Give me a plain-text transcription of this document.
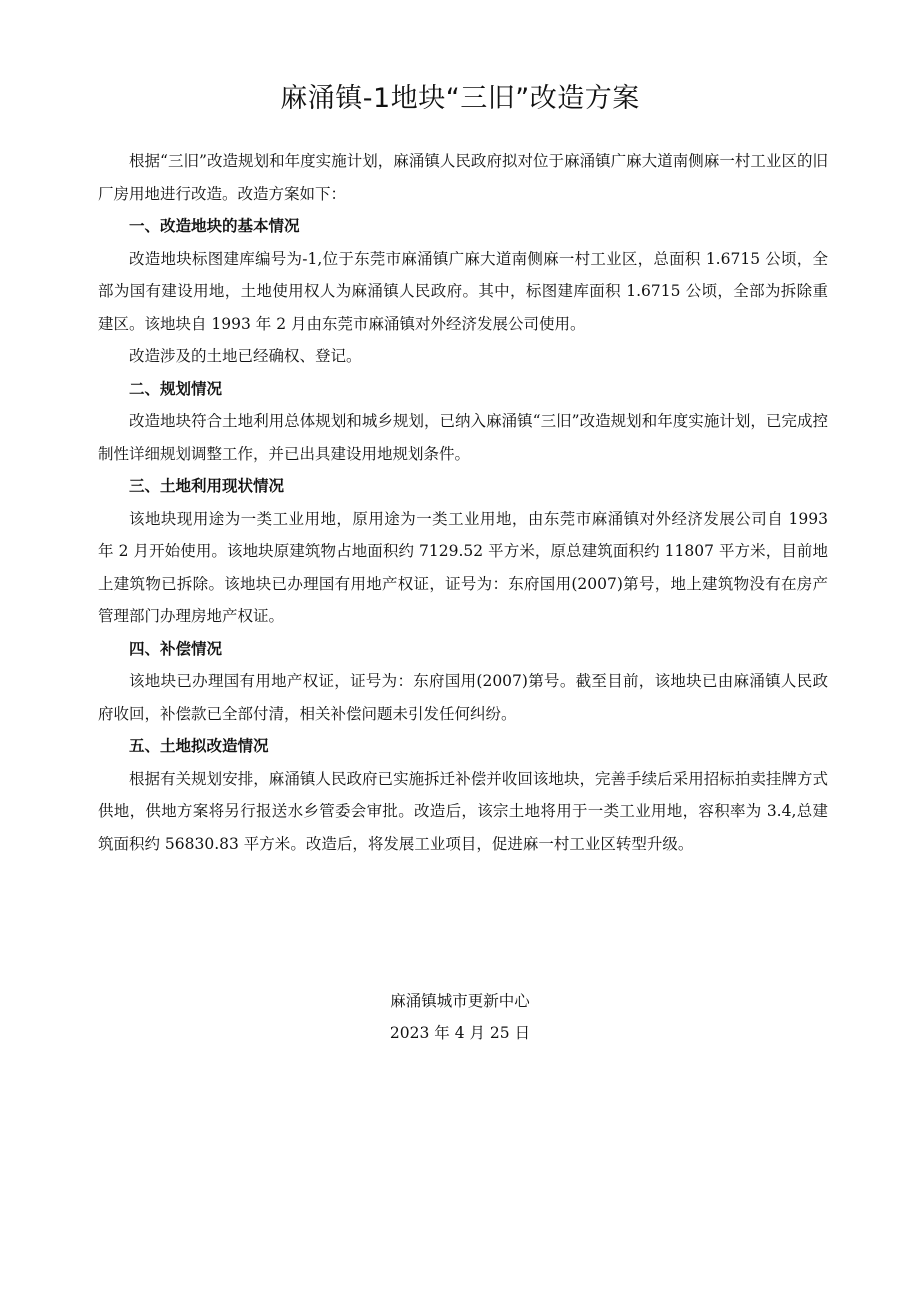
麻涌镇-1地块“三旧”改造方案

根据“三旧”改造规划和年度实施计划，麻涌镇人民政府拟对位于麻涌镇广麻大道南侧麻一村工业区的旧厂房用地进行改造。改造方案如下：

一、改造地块的基本情况

改造地块标图建库编号为-1,位于东莞市麻涌镇广麻大道南侧麻一村工业区，总面积 1.6715 公顷，全部为国有建设用地，土地使用权人为麻涌镇人民政府。其中，标图建库面积 1.6715 公顷，全部为拆除重建区。该地块自 1993 年 2 月由东莞市麻涌镇对外经济发展公司使用。

改造涉及的土地已经确权、登记。

二、规划情况

改造地块符合土地利用总体规划和城乡规划，已纳入麻涌镇“三旧”改造规划和年度实施计划，已完成控制性详细规划调整工作，并已出具建设用地规划条件。

三、土地利用现状情况

该地块现用途为一类工业用地，原用途为一类工业用地，由东莞市麻涌镇对外经济发展公司自 1993 年 2 月开始使用。该地块原建筑物占地面积约 7129.52 平方米，原总建筑面积约 11807 平方米，目前地上建筑物已拆除。该地块已办理国有用地产权证，证号为：东府国用(2007)第号，地上建筑物没有在房产管理部门办理房地产权证。

四、补偿情况

该地块已办理国有用地产权证，证号为：东府国用(2007)第号。截至目前，该地块已由麻涌镇人民政府收回，补偿款已全部付清，相关补偿问题未引发任何纠纷。

五、土地拟改造情况

根据有关规划安排，麻涌镇人民政府已实施拆迁补偿并收回该地块，完善手续后采用招标拍卖挂牌方式供地，供地方案将另行报送水乡管委会审批。改造后，该宗土地将用于一类工业用地，容积率为 3.4,总建筑面积约 56830.83 平方米。改造后，将发展工业项目，促进麻一村工业区转型升级。

麻涌镇城市更新中心
2023 年 4 月 25 日
